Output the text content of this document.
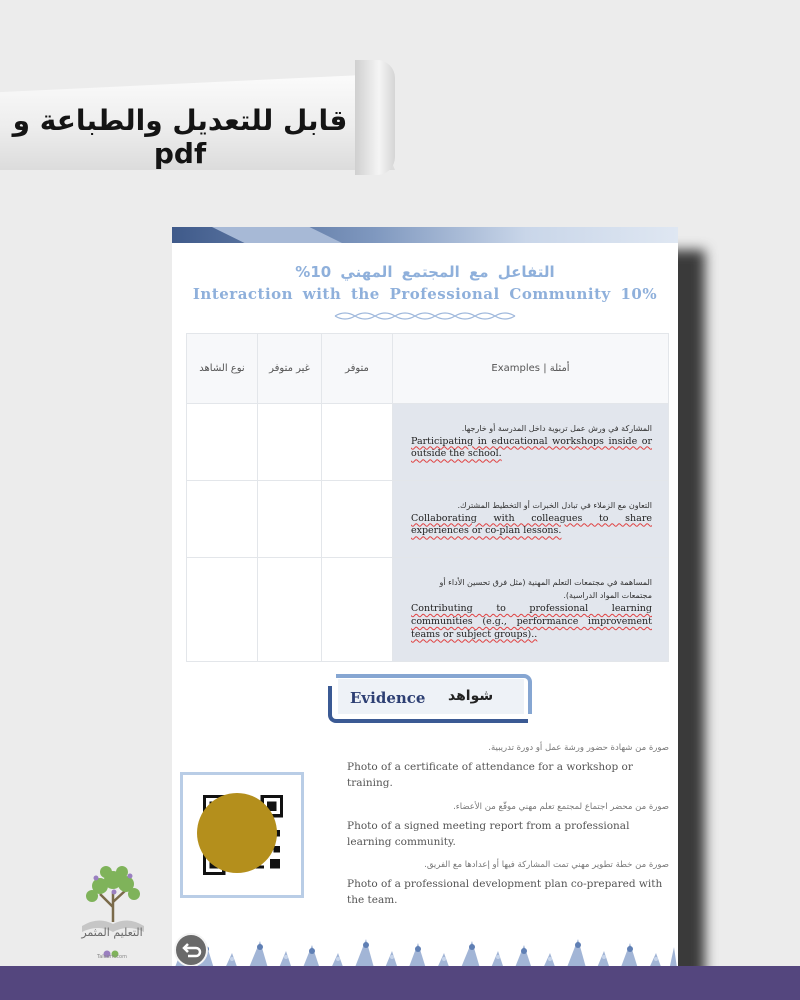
قابل للتعديل والطباعة و pdf
التفاعل مع المجتمع المهني 10%
Interaction with the Professional Community 10%
نوع الشاهد	غير متوفر	متوفر	Examples | أمثلة

			المشاركة في ورش عمل تربوية داخل المدرسة أو خارجها.
Participating in educational workshops inside or outside the school.

			التعاون مع الزملاء في تبادل الخبرات أو التخطيط المشترك.
Collaborating with colleagues to share experiences or co-plan lessons.

			المساهمة في مجتمعات التعلم المهنية (مثل فرق تحسين الأداء أو مجتمعات المواد الدراسية).
Contributing to professional learning communities (e.g., performance improvement teams or subject groups)..
Evidence شواهد
صورة من شهادة حضور ورشة عمل أو دورة تدريبية.
Photo of a certificate of attendance for a workshop or training.
صورة من محضر اجتماع لمجتمع تعلم مهني موقّع من الأعضاء.
Photo of a signed meeting report from a professional learning community.
صورة من خطة تطوير مهني تمت المشاركة فيها أو إعدادها مع الفريق.
Photo of a professional development plan co-prepared with the team.
التعليم المثمر
Taleem.com
